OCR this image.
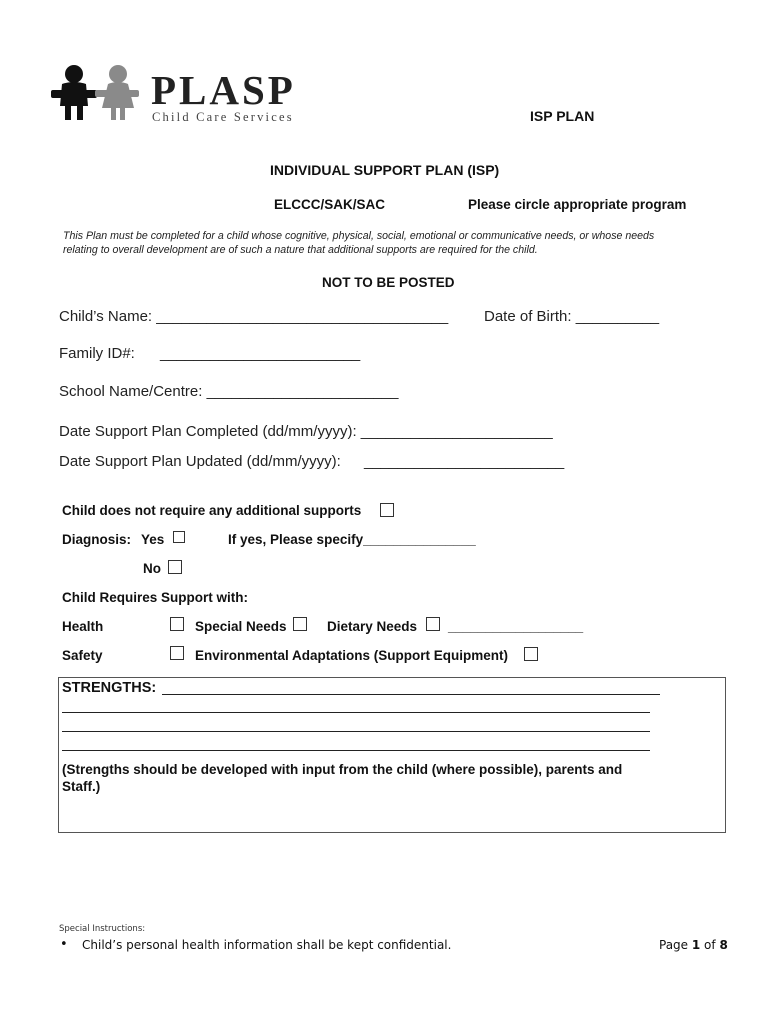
PLASP
Child Care Services	ISP PLAN
INDIVIDUAL SUPPORT PLAN (ISP)
ELCCC/SAK/SAC	Please circle appropriate program
This Plan must be completed for a child whose cognitive, physical, social, emotional or communicative needs, or whose needs
relating to overall development are of such a nature that additional supports are required for the child.
NOT TO BE POSTED
Child’s Name: ___________________________________ Date of Birth: __________
Family ID#: ________________________
School Name/Centre: _______________________
Date Support Plan Completed (dd/mm/yyyy): _______________________
Date Support Plan Updated (dd/mm/yyyy): ________________________
Child does not require any additional supports
Diagnosis: Yes	If yes, Please specify_______________
No
Child Requires Support with:
Health	Special Needs	Dietary Needs __________________
Safety	Environmental Adaptations (Support Equipment)
STRENGTHS:
(Strengths should be developed with input from the child (where possible), parents and
Staff.)
Special Instructions:
• Child’s personal health information shall be kept confidential.	Page 1 of 8
